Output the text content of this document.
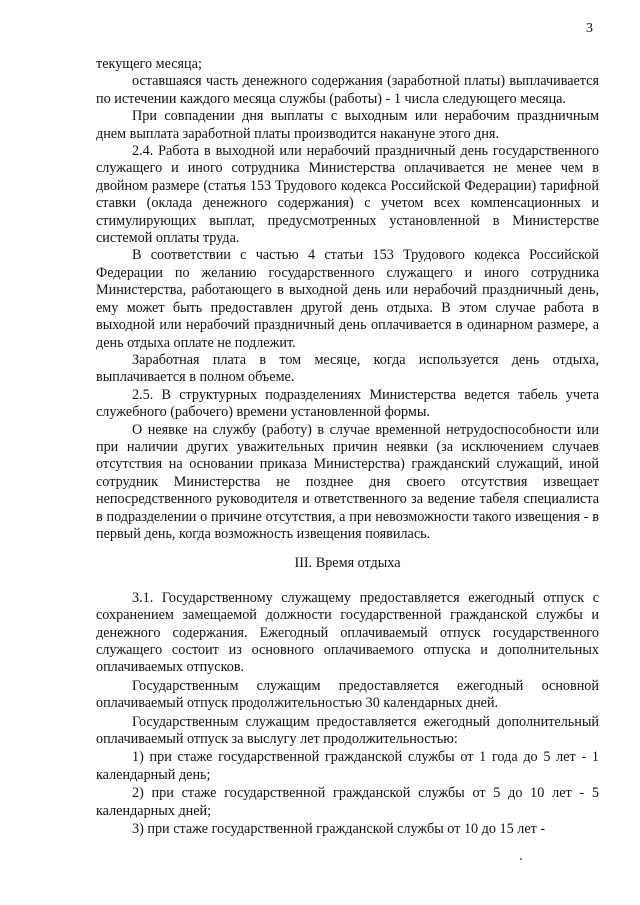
3

текущего месяца;

оставшаяся часть денежного содержания (заработной платы) выплачивается по истечении каждого месяца службы (работы) - 1 числа следующего месяца.

При совпадении дня выплаты с выходным или нерабочим праздничным днем выплата заработной платы производится накануне этого дня.

2.4. Работа в выходной или нерабочий праздничный день государственного служащего и иного сотрудника Министерства оплачивается не менее чем в двойном размере (статья 153 Трудового кодекса Российской Федерации) тарифной ставки (оклада денежного содержания) с учетом всех компенсационных и стимулирующих выплат, предусмотренных установленной в Министерстве системой оплаты труда.

В соответствии с частью 4 статьи 153 Трудового кодекса Российской Федерации по желанию государственного служащего и иного сотрудника Министерства, работающего в выходной день или нерабочий праздничный день, ему может быть предоставлен другой день отдыха. В этом случае работа в выходной или нерабочий праздничный день оплачивается в одинарном размере, а день отдыха оплате не подлежит.

Заработная плата в том месяце, когда используется день отдыха, выплачивается в полном объеме.

2.5. В структурных подразделениях Министерства ведется табель учета служебного (рабочего) времени установленной формы.

О неявке на службу (работу) в случае временной нетрудоспособности или при наличии других уважительных причин неявки (за исключением случаев отсутствия на основании приказа Министерства) гражданский служащий, иной сотрудник Министерства не позднее дня своего отсутствия извещает непосредственного руководителя и ответственного за ведение табеля специалиста в подразделении о причине отсутствия, а при невозможности такого извещения - в первый день, когда возможность извещения появилась.

III. Время отдыха

3.1. Государственному служащему предоставляется ежегодный отпуск с сохранением замещаемой должности государственной гражданской службы и денежного содержания. Ежегодный оплачиваемый отпуск государственного служащего состоит из основного оплачиваемого отпуска и дополнительных оплачиваемых отпусков.

Государственным служащим предоставляется ежегодный основной оплачиваемый отпуск продолжительностью 30 календарных дней.

Государственным служащим предоставляется ежегодный дополнительный оплачиваемый отпуск за выслугу лет продолжительностью:

1) при стаже государственной гражданской службы от 1 года до 5 лет - 1 календарный день;

2) при стаже государственной гражданской службы от 5 до 10 лет - 5 календарных дней;

3) при стаже государственной гражданской службы от 10 до 15 лет -
